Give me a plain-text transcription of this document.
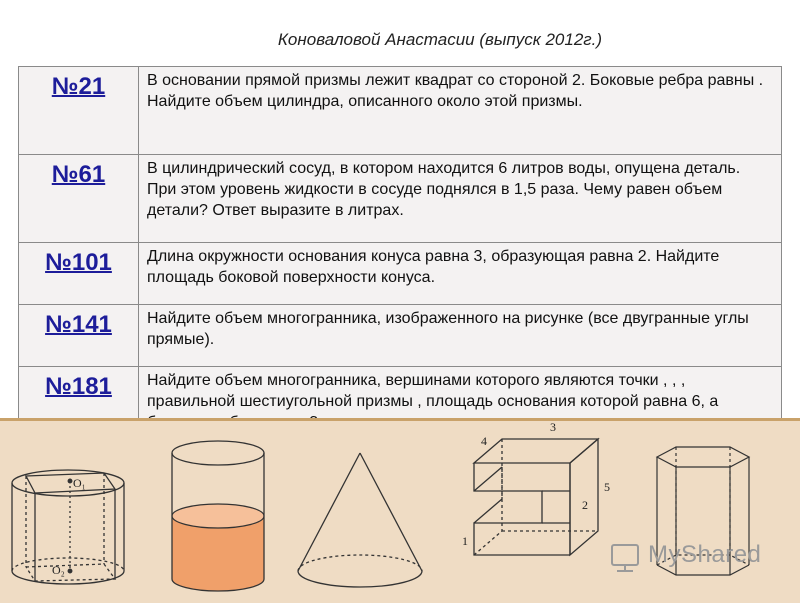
Коноваловой Анастасии (выпуск 2012г.)
№21	В основании прямой призмы лежит квадрат со стороной 2. Боковые ребра равны . Найдите объем цилиндра, описанного около этой призмы.
№61	В цилиндрический сосуд, в котором находится 6 литров воды, опущена деталь. При этом уровень жидкости в сосуде поднялся в 1,5 раза. Чему равен объем детали? Ответ выразите в литрах.
№101	Длина окружности основания конуса равна 3, образующая равна 2. Найдите площадь боковой поверхности конуса.
№141	Найдите объем многогранника, изображенного на рисунке (все двугранные углы прямые).
№181	Найдите объем многогранника, вершинами которого являются точки , , , правильной шестиугольной призмы , площадь основания которой равна 6, а
O₁
O₂
4
3
5
1
2
MyShared
